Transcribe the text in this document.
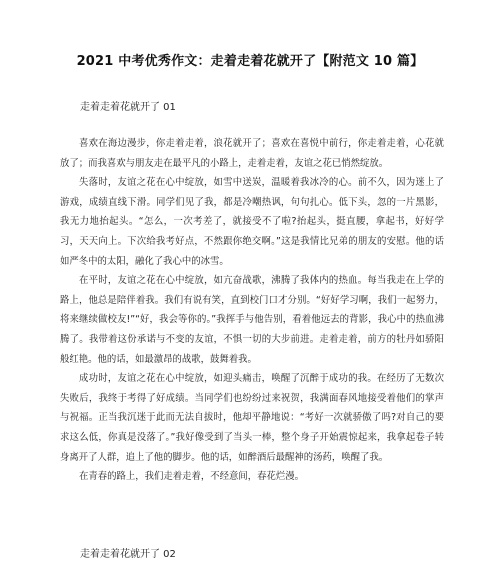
2021 中考优秀作文：走着走着花就开了【附范文 10 篇】
走着走着花就开了 01

喜欢在海边漫步，你走着走着，浪花就开了；喜欢在喜悦中前行，你走着走着，心花就放了；而我喜欢与朋友走在最平凡的小路上，走着走着，友谊之花已悄然绽放。

失落时，友谊之花在心中绽放，如雪中送炭，温暖着我冰冷的心。前不久，因为迷上了游戏，成绩直线下滑。同学们见了我，都是冷嘲热讽，句句扎心。低下头，忽的一片黑影，我无力地抬起头。“怎么，一次考差了，就接受不了啦?抬起头，挺直腰，拿起书，好好学习，天天向上。下次给我考好点，不然跟你绝交啊。”这是我情比兄弟的朋友的安慰。他的话如严冬中的太阳，融化了我心中的冰雪。

在平时，友谊之花在心中绽放，如亢奋战歌，沸腾了我体内的热血。每当我走在上学的路上，他总是陪伴着我。我们有说有笑，直到校门口才分别。“好好学习啊，我们一起努力，将来继续做校友!”“好，我会等你的。”我挥手与他告别，看着他远去的背影，我心中的热血沸腾了。我带着这份承诺与不变的友谊，不惧一切的大步前进。走着走着，前方的牡丹如骄阳般红艳。他的话，如最激昂的战歌，鼓舞着我。

成功时，友谊之花在心中绽放，如迎头痛击，唤醒了沉醉于成功的我。在经历了无数次失败后，我终于考得了好成绩。当同学们也纷纷过来祝贺，我满面春风地接受着他们的掌声与祝福。正当我沉迷于此而无法自拔时，他却平静地说：“考好一次就骄傲了吗?对自己的要求这么低，你真是没落了。”我好像受到了当头一棒，整个身子开始震惊起来，我拿起卷子转身离开了人群，追上了他的脚步。他的话，如醉酒后最醒神的汤药，唤醒了我。

在青春的路上，我们走着走着，不经意间，春花烂漫。

走着走着花就开了 02
